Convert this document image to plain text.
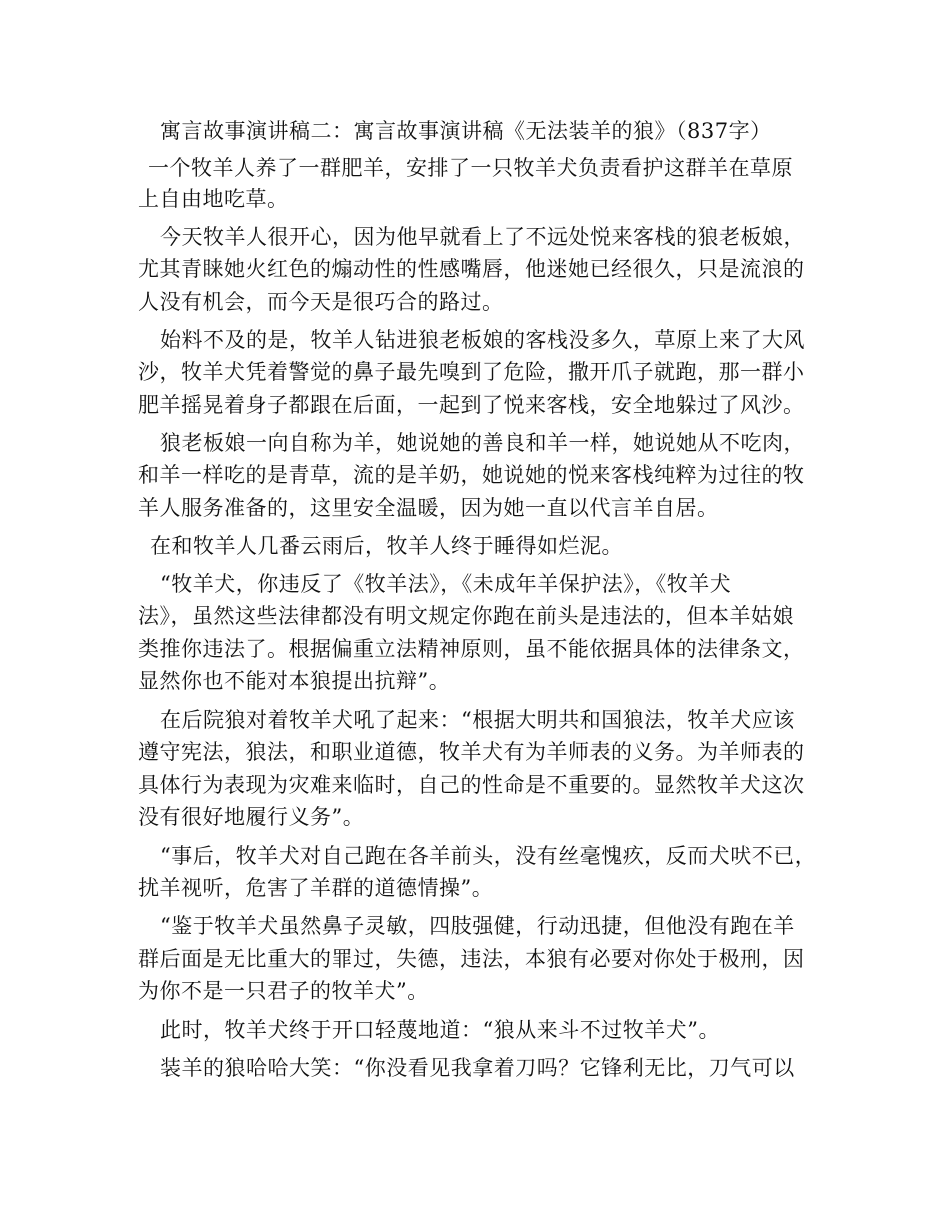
寓言故事演讲稿二：寓言故事演讲稿《无法装羊的狼》（837字）
一个牧羊人养了一群肥羊，安排了一只牧羊犬负责看护这群羊在草原
上自由地吃草。
今天牧羊人很开心，因为他早就看上了不远处悦来客栈的狼老板娘，
尤其青睐她火红色的煽动性的性感嘴唇，他迷她已经很久，只是流浪的
人没有机会，而今天是很巧合的路过。
始料不及的是，牧羊人钻进狼老板娘的客栈没多久，草原上来了大风
沙，牧羊犬凭着警觉的鼻子最先嗅到了危险，撒开爪子就跑，那一群小
肥羊摇晃着身子都跟在后面，一起到了悦来客栈，安全地躲过了风沙。
狼老板娘一向自称为羊，她说她的善良和羊一样，她说她从不吃肉，
和羊一样吃的是青草，流的是羊奶，她说她的悦来客栈纯粹为过往的牧
羊人服务准备的，这里安全温暖，因为她一直以代言羊自居。
在和牧羊人几番云雨后，牧羊人终于睡得如烂泥。
“牧羊犬，你违反了《牧羊法》，《未成年羊保护法》，《牧羊犬
法》，虽然这些法律都没有明文规定你跑在前头是违法的，但本羊姑娘
类推你违法了。根据偏重立法精神原则，虽不能依据具体的法律条文，
显然你也不能对本狼提出抗辩”。
在后院狼对着牧羊犬吼了起来：“根据大明共和国狼法，牧羊犬应该
遵守宪法，狼法，和职业道德，牧羊犬有为羊师表的义务。为羊师表的
具体行为表现为灾难来临时，自己的性命是不重要的。显然牧羊犬这次
没有很好地履行义务”。
“事后，牧羊犬对自己跑在各羊前头，没有丝毫愧疚，反而犬吠不已，
扰羊视听，危害了羊群的道德情操”。
“鉴于牧羊犬虽然鼻子灵敏，四肢强健，行动迅捷，但他没有跑在羊
群后面是无比重大的罪过，失德，违法，本狼有必要对你处于极刑，因
为你不是一只君子的牧羊犬”。
此时，牧羊犬终于开口轻蔑地道：“狼从来斗不过牧羊犬”。
装羊的狼哈哈大笑：“你没看见我拿着刀吗？它锋利无比，刀气可以
